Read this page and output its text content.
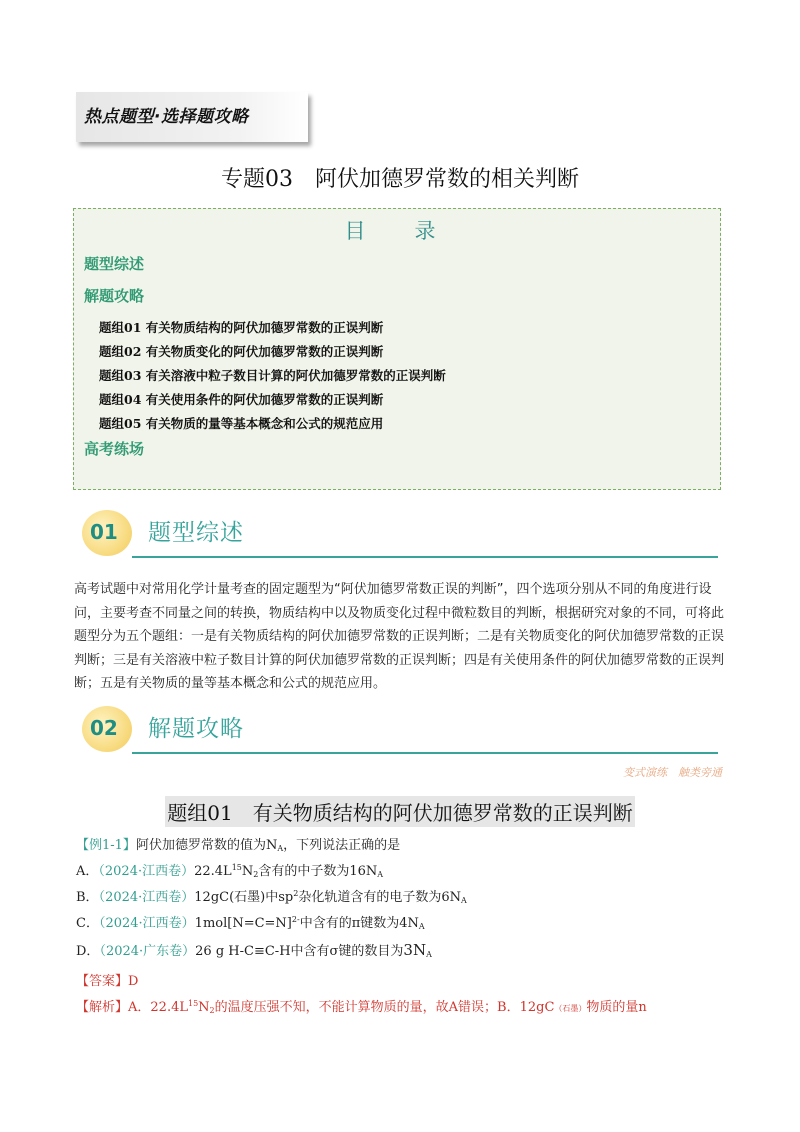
热点题型·选择题攻略
专题03　阿伏加德罗常数的相关判断
目　录
题型综述
解题攻略
题组01 有关物质结构的阿伏加德罗常数的正误判断
题组02 有关物质变化的阿伏加德罗常数的正误判断
题组03 有关溶液中粒子数目计算的阿伏加德罗常数的正误判断
题组04 有关使用条件的阿伏加德罗常数的正误判断
题组05 有关物质的量等基本概念和公式的规范应用
高考练场
01 题型综述
高考试题中对常用化学计量考查的固定题型为“阿伏加德罗常数正误的判断”，四个选项分别从不同的角度进行设问，主要考查不同量之间的转换，物质结构中以及物质变化过程中微粒数目的判断，根据研究对象的不同，可将此题型分为五个题组：一是有关物质结构的阿伏加德罗常数的正误判断；二是有关物质变化的阿伏加德罗常数的正误判断；三是有关溶液中粒子数目计算的阿伏加德罗常数的正误判断；四是有关使用条件的阿伏加德罗常数的正误判断；五是有关物质的量等基本概念和公式的规范应用。
02 解题攻略
变式演练　触类旁通
题组01　有关物质结构的阿伏加德罗常数的正误判断
【例1-1】阿伏加德罗常数的值为$N_A$，下列说法正确的是
A．（2024·江西卷）$22.4L^{15}N_2$含有的中子数为$16N_A$
B．（2024·江西卷）12gC(石墨)中$sp^2$杂化轨道含有的电子数为$6N_A$
C．（2024·江西卷）1mol[N=C=N]$^{2-}$中含有的π键数为$4N_A$
D．（2024·广东卷）26 g H-C≡C-H中含有σ键的数目为$3N_A$
【答案】D
【解析】A．$22.4L^{15}N_2$的温度压强不知，不能计算物质的量，故A错误；B．12gC（石墨）物质的量n
